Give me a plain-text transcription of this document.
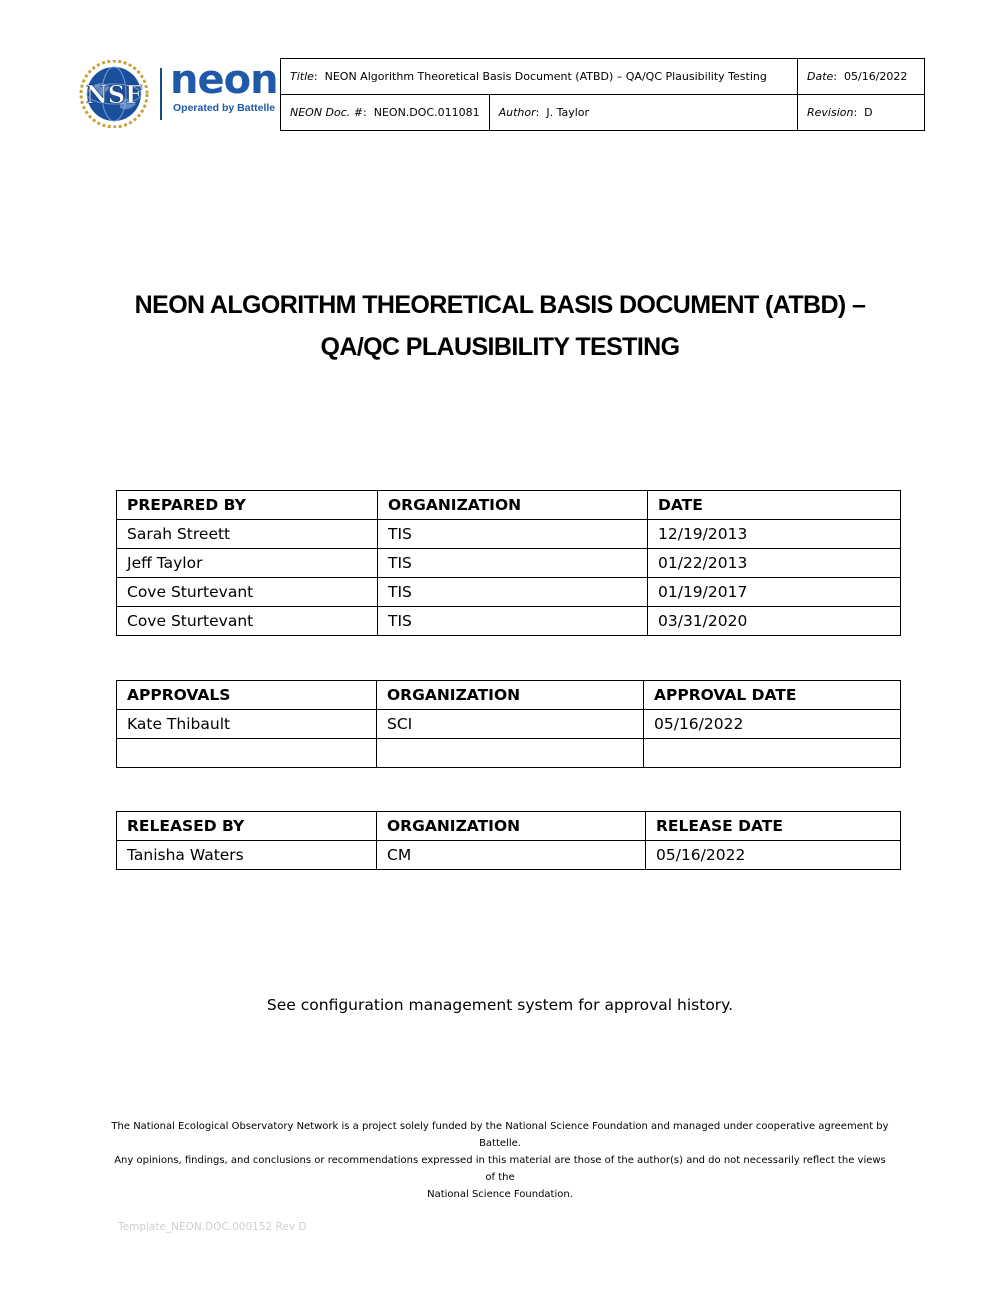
NSF neon
Operated by Battelle
Title:  NEON Algorithm Theoretical Basis Document (ATBD) – QA/QC Plausibility Testing		Date:  05/16/2022
NEON Doc. #:  NEON.DOC.011081	Author:  J. Taylor	Revision:  D
NEON ALGORITHM THEORETICAL BASIS DOCUMENT (ATBD) –
QA/QC PLAUSIBILITY TESTING
PREPARED BY	ORGANIZATION	DATE
Sarah Streett	TIS	12/19/2013
Jeff Taylor	TIS	01/22/2013
Cove Sturtevant	TIS	01/19/2017
Cove Sturtevant	TIS	03/31/2020
APPROVALS	ORGANIZATION	APPROVAL DATE
Kate Thibault	SCI	05/16/2022

RELEASED BY	ORGANIZATION	RELEASE DATE
Tanisha Waters	CM	05/16/2022

See configuration management system for approval history.

The National Ecological Observatory Network is a project solely funded by the National Science Foundation and managed under cooperative agreement by Battelle.
Any opinions, findings, and conclusions or recommendations expressed in this material are those of the author(s) and do not necessarily reflect the views of the
National Science Foundation.

Template_NEON.DOC.000152 Rev D
